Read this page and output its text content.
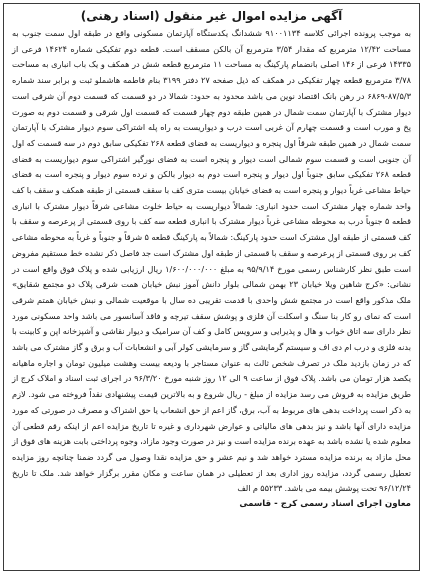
آگهی مزایده اموال غیر منقول (اسناد رهنی)

به موجب پرونده اجرائی کلاسه ۹۱۰۰۱۱۳۴ ششدانگ یکدستگاه آپارتمان مسکونی واقع در طبقه اول سمت جنوب به مساحت ۱۲/۴۲ مترمربع که مقدار ۳/۵۴ مترمربع آن بالکن مسقف است. قطعه دوم تفکیکی شماره ۱۴۶۲۴ فرعی از ۱۴۳۳۵ فرعی از ۱۴۶ اصلی بانضمام پارکینگ به مساحت ۱۱ مترمربع قطعه شش در همکف و یک باب انباری به مساحت ۳/۷۸ مترمربع قطعه چهار تفکیکی در همکف که ذیل صفحه ۲۷ دفتر ۳۱۹۹ بنام فاطمه هاشملو ثبت و برابر سند شماره ۸۷/۵/۳-۶۸۶۹ در رهن بانک اقتصاد نوین می باشد محدود به حدود: شمالا در دو قسمت که قسمت دوم آن شرقی است دیوار مشترک با آپارتمان سمت شمال در همین طبقه دوم چهار قسمت که قسمت اول شرقی و قسمت دوم به صورت پخ و مورب است و قسمت چهارم آن غربی است درب و دیواریست به راه پله اشتراکی سوم دیوار مشترک با آپارتمان سمت شمال در همین طبقه شرقاً اول پنجره و دیواریست به فضای قطعه ۲۶۸ تفکیکی سابق دوم در سه قسمت که اول آن جنوبی است و قسمت سوم شمالی است دیوار و پنجره است به فضای نورگیر اشتراکی سوم دیواریست به فضای قطعه ۲۶۸ تفکیکی سابق جنوباً اول دیوار و پنجره است دوم به دیوار بالکن و نرده سوم دیوار و پنجره است به فضای حیاط مشاعی غرباً دیوار و پنجره است به فضای خیابان بیست متری کف با سقف قسمتی از طبقه همکف و سقف با کف واحد شماره چهار مشترک است حدود انباری: شمالاً دیواریست به حیاط خلوت مشاعی شرقاً دیوار مشترک با انباری قطعه ۵ جنوباً درب به محوطه مشاعی غرباً دیوار مشترک با انباری قطعه سه کف با روی قسمتی از پرعرصه و سقف با کف قسمتی از طبقه اول مشترک است حدود پارکینگ: شمالاً به پارکینگ قطعه ۵ شرقاً و جنوباً و غرباً به محوطه مشاعی کف بر روی قسمتی از پرعرصه و سقف با قسمتی از طبقه اول مشترک است جد فاصل ذکر نشده خط مستقیم مفروض است طبق نظر کارشناس رسمی مورخ ۹۵/۹/۱۴ به مبلغ ۱/۶۰۰/۰۰۰/۰۰۰ ریال ارزیابی شده و پلاک فوق واقع است در نشانی: «کرج شاهین ویلا خیابان ۲۳ بهمن شمالی بلوار دانش آموز نبش خیابان همت شرقی پلاک دو مجتمع شقایق» ملک مذکور واقع است در مجتمع شش واحدی با قدمت تقریبی ده سال با موقعیت شمالی و نبش خیابان همتم شرقی است که نمای رو کار بنا سنگ و اسکلت آن فلزی و پوشش سقف تیرچه و فاقد آسانسور می باشد واحد مسکونی مورد نظر دارای سه اتاق خواب و هال و پذیرایی و سرویس کامل و کف آن سرامیک و دیوار نقاشی و آشپزخانه اپن و کابینت با بدنه فلزی و درب ام دی اف و سیستم گرمایشی گاز و سرمایشی کولر آبی و انشعابات آب و برق و گاز مشترک می باشد که در زمان بازدید ملک در تصرف شخص ثالث به عنوان مستاجر با ودیعه بیست وهشت میلیون تومان و اجاره ماهیانه یکصد هزار تومان می باشد. پلاک فوق از ساعت ۹ الی ۱۲ روز شنبه مورخ ۹۶/۳/۲۰ در اجرای ثبت اسناد و املاک کرج از طریق مزایده به فروش می رسد مزایده از مبلغ - ریال شروع و به بالاترین قیمت پیشنهادی نقداً فروخته می شود. لازم به ذکر است پرداخت بدهی های مربوط به آب، برق، گاز اعم از حق انشعاب یا حق اشتراک و مصرف در صورتی که مورد مزایده دارای آنها باشد و نیز بدهی های مالیاتی و عوارض شهرداری و غیره تا تاریخ مزایده اعم از اینکه رقم قطعی آن معلوم شده یا نشده باشد به عهده برنده مزایده است و نیز در صورت وجود مازاد، وجوه پرداختی بابت هزینه های فوق از محل مازاد به برنده مزایده مسترد خواهد شد و نیم عشر و حق مزایده نقدا وصول می گردد ضمنا چنانچه روز مزایده تعطیل رسمی گردد، مزایده روز اداری بعد از تعطیلی در همان ساعت و مکان مقرر برگزار خواهد شد. ملک تا تاریخ ۹۶/۱۲/۲۴ تحت پوشش بیمه می باشد. ۵۵۲۳۳ م الف

معاون اجرای اسناد رسمی کرج - قاسمی
